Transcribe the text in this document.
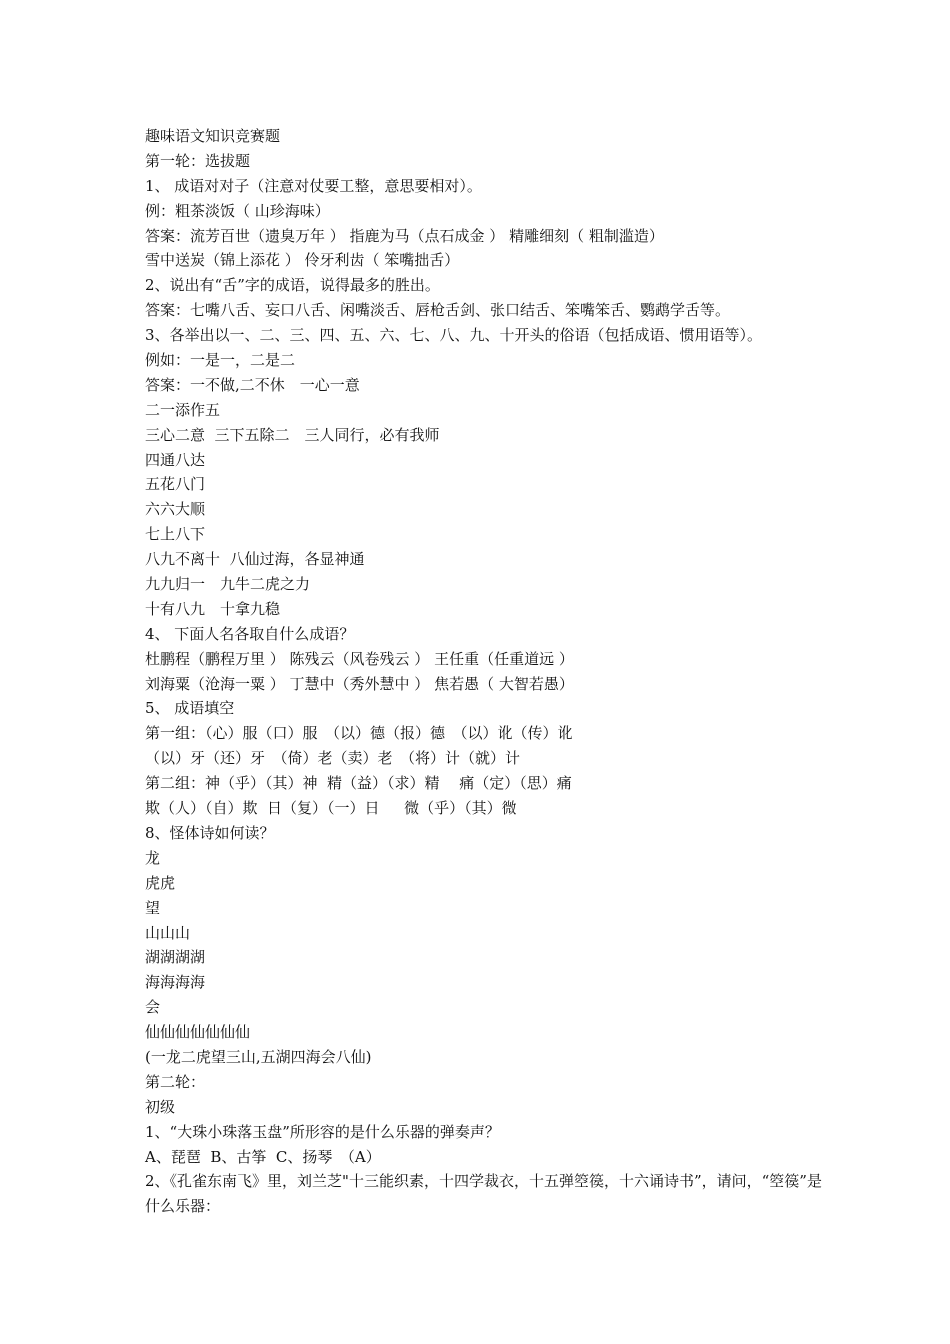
趣味语文知识竞赛题
第一轮：选拔题
1、 成语对对子（注意对仗要工整，意思要相对）。
例：粗茶淡饭（ 山珍海味）
答案：流芳百世（遗臭万年 ） 指鹿为马（点石成金 ） 精雕细刻（ 粗制滥造）
雪中送炭（锦上添花 ） 伶牙利齿（ 笨嘴拙舌）
2、说出有“舌”字的成语，说得最多的胜出。
答案：七嘴八舌、妄口八舌、闲嘴淡舌、唇枪舌剑、张口结舌、笨嘴笨舌、鹦鹉学舌等。
3、各举出以一、二、三、四、五、六、七、八、九、十开头的俗语（包括成语、惯用语等）。
例如：一是一，二是二
答案：一不做,二不休　一心一意
二一添作五
三心二意  三下五除二　三人同行，必有我师
四通八达
五花八门
六六大顺
七上八下
八九不离十  八仙过海，各显神通
九九归一　九牛二虎之力
十有八九　十拿九稳
4、 下面人名各取自什么成语？
杜鹏程（鹏程万里 ） 陈残云（风卷残云 ） 王任重（任重道远 ）
刘海粟（沧海一粟 ） 丁慧中（秀外慧中 ） 焦若愚（ 大智若愚）
5、 成语填空
第一组：（心）服（口）服　（以）德（报）德　（以）讹（传）讹
（以）牙（还）牙　（倚）老（卖）老　（将）计（就）计
第二组：神（乎）（其）神  精（益）（求）精　 痛（定）（思）痛
欺（人）（自）欺  日（复）（一）日　  微（乎）（其）微
8、怪体诗如何读？
龙
虎虎
望
山山山
湖湖湖湖
海海海海
会
仙仙仙仙仙仙仙
(一龙二虎望三山,五湖四海会八仙)
第二轮：
初级
1、“大珠小珠落玉盘”所形容的是什么乐器的弹奏声？
A、琵琶  B、古筝  C、扬琴　（A）
2、《孔雀东南飞》里，刘兰芝"十三能织素，十四学裁衣，十五弹箜篌，十六诵诗书”，请问，“箜篌”是什么乐器：
